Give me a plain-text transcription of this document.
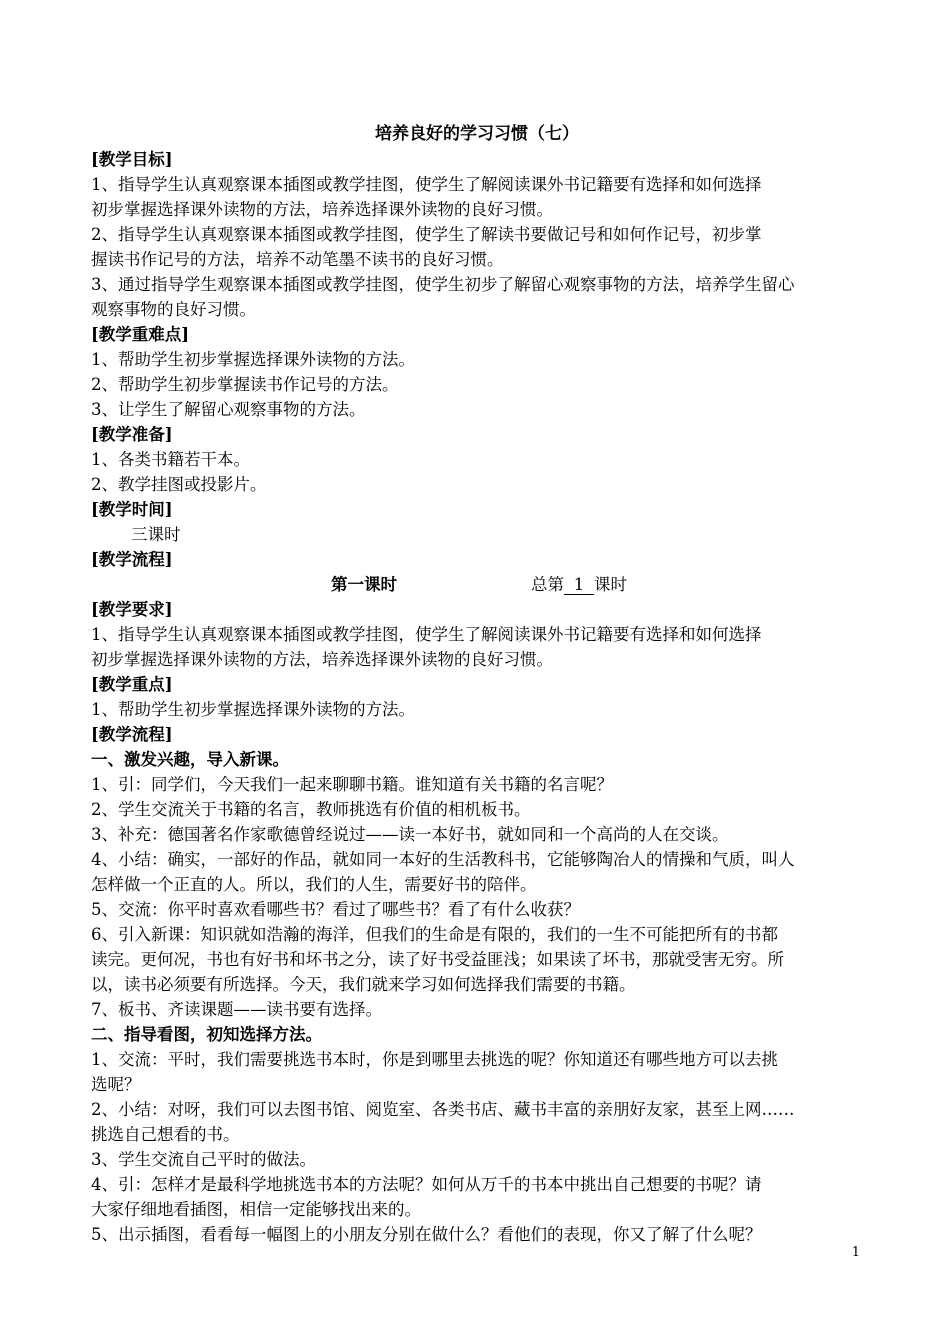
培养良好的学习习惯（七）
[教学目标]
1、指导学生认真观察课本插图或教学挂图，使学生了解阅读课外书记籍要有选择和如何选择
初步掌握选择课外读物的方法，培养选择课外读物的良好习惯。
2、指导学生认真观察课本插图或教学挂图，使学生了解读书要做记号和如何作记号，初步掌
握读书作记号的方法，培养不动笔墨不读书的良好习惯。
3、通过指导学生观察课本插图或教学挂图，使学生初步了解留心观察事物的方法，培养学生留心
观察事物的良好习惯。
[教学重难点]
1、帮助学生初步掌握选择课外读物的方法。
2、帮助学生初步掌握读书作记号的方法。
3、让学生了解留心观察事物的方法。
[教学准备]
1、各类书籍若干本。
2、教学挂图或投影片。
[教学时间]
三课时
[教学流程]
第一课时	总第 1 课时
[教学要求]
1、指导学生认真观察课本插图或教学挂图，使学生了解阅读课外书记籍要有选择和如何选择
初步掌握选择课外读物的方法，培养选择课外读物的良好习惯。
[教学重点]
1、帮助学生初步掌握选择课外读物的方法。
[教学流程]
一、激发兴趣，导入新课。
1、引：同学们，今天我们一起来聊聊书籍。谁知道有关书籍的名言呢？
2、学生交流关于书籍的名言，教师挑选有价值的相机板书。
3、补充：德国著名作家歌德曾经说过——读一本好书，就如同和一个高尚的人在交谈。
4、小结：确实，一部好的作品，就如同一本好的生活教科书，它能够陶冶人的情操和气质，叫人
怎样做一个正直的人。所以，我们的人生，需要好书的陪伴。
5、交流：你平时喜欢看哪些书？看过了哪些书？看了有什么收获？
6、引入新课：知识就如浩瀚的海洋，但我们的生命是有限的，我们的一生不可能把所有的书都
读完。更何况，书也有好书和坏书之分，读了好书受益匪浅；如果读了坏书，那就受害无穷。所
以，读书必须要有所选择。今天，我们就来学习如何选择我们需要的书籍。
7、板书、齐读课题——读书要有选择。
二、指导看图，初知选择方法。
1、交流：平时，我们需要挑选书本时，你是到哪里去挑选的呢？你知道还有哪些地方可以去挑
选呢？
2、小结：对呀，我们可以去图书馆、阅览室、各类书店、藏书丰富的亲朋好友家，甚至上网……
挑选自己想看的书。
3、学生交流自己平时的做法。
4、引：怎样才是最科学地挑选书本的方法呢？如何从万千的书本中挑出自己想要的书呢？请
大家仔细地看插图，相信一定能够找出来的。
5、出示插图，看看每一幅图上的小朋友分别在做什么？看他们的表现，你又了解了什么呢？
1
